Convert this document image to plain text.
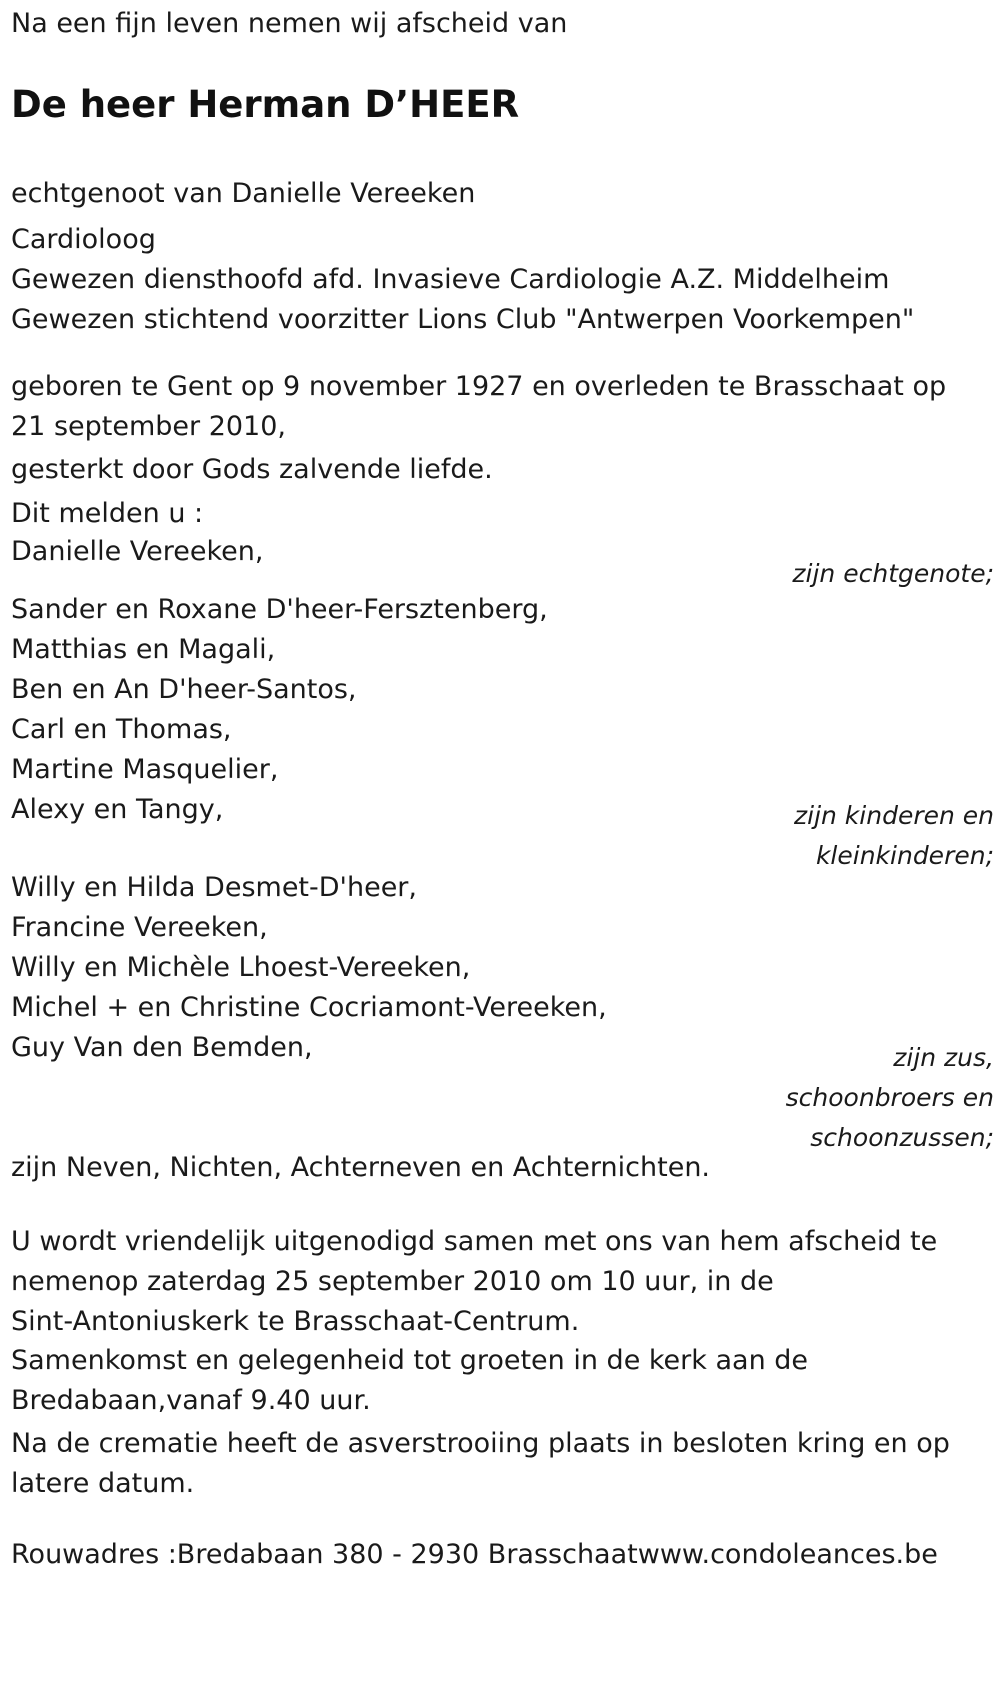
Na een fijn leven nemen wij afscheid van
De heer Herman D’HEER
echtgenoot van Danielle Vereeken
Cardioloog
Gewezen diensthoofd afd. Invasieve Cardiologie A.Z. Middelheim
Gewezen stichtend voorzitter Lions Club "Antwerpen Voorkempen"
geboren te Gent op 9 november 1927 en overleden te Brasschaat op 21 september 2010,
gesterkt door Gods zalvende liefde.
Dit melden u :
Danielle Vereeken,
zijn echtgenote;
Sander en Roxane D'heer-Fersztenberg,
Matthias en Magali,
Ben en An D'heer-Santos,
Carl en Thomas,
Martine Masquelier,
Alexy en Tangy,	zijn kinderen en
kleinkinderen;
Willy en Hilda Desmet-D'heer,
Francine Vereeken,
Willy en Michèle Lhoest-Vereeken,
Michel + en Christine Cocriamont-Vereeken,
Guy Van den Bemden,	zijn zus,
schoonbroers en
schoonzussen;
zijn Neven, Nichten, Achterneven en Achternichten.
U wordt vriendelijk uitgenodigd samen met ons van hem afscheid te
nemenop zaterdag 25 september 2010 om 10 uur, in de
Sint-Antoniuskerk te Brasschaat-Centrum.
Samenkomst en gelegenheid tot groeten in de kerk aan de
Bredabaan,vanaf 9.40 uur.
Na de crematie heeft de asverstrooiing plaats in besloten kring en op
latere datum.
Rouwadres :Bredabaan 380 - 2930 Brasschaatwww.condoleances.be
